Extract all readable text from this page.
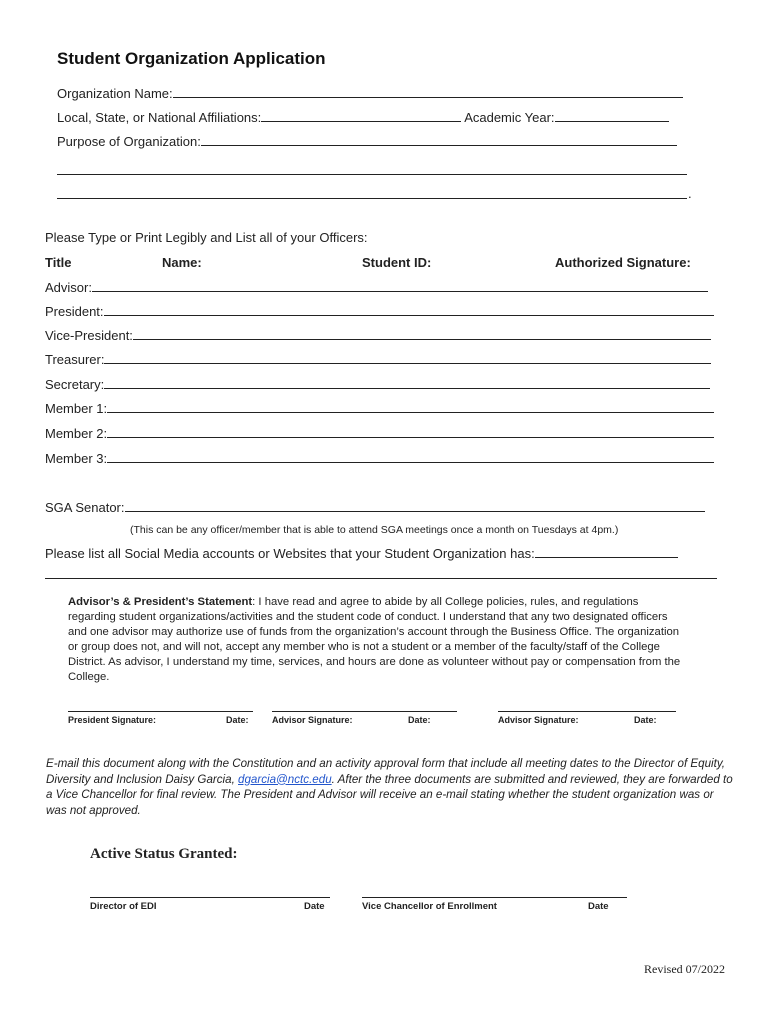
Student Organization Application
Organization Name:
Local, State, or National Affiliations:	Academic Year:
Purpose of Organization:
.
Please Type or Print Legibly and List all of your Officers:
Title	Name:	Student ID:	Authorized Signature:
Advisor:
President:
Vice-President:
Treasurer:
Secretary:
Member 1:
Member 2:
Member 3:
SGA Senator:
(This can be any officer/member that is able to attend SGA meetings once a month on Tuesdays at 4pm.)
Please list all Social Media accounts or Websites that your Student Organization has:
Advisor’s & President’s Statement: I have read and agree to abide by all College policies, rules, and regulations regarding student organizations/activities and the student code of conduct. I understand that any two designated officers and one advisor may authorize use of funds from the organization’s account through the Business Office. The organization or group does not, and will not, accept any member who is not a student or a member of the faculty/staff of the College District. As advisor, I understand my time, services, and hours are done as volunteer without pay or compensation from the College.
President Signature:	Date:	Advisor Signature:	Date:	Advisor Signature:	Date:
E-mail this document along with the Constitution and an activity approval form that include all meeting dates to the Director of Equity, Diversity and Inclusion Daisy Garcia, dgarcia@nctc.edu. After the three documents are submitted and reviewed, they are forwarded to a Vice Chancellor for final review. The President and Advisor will receive an e-mail stating whether the student organization was or was not approved.
Active Status Granted:
Director of EDI	Date	Vice Chancellor of Enrollment	Date
Revised 07/2022
